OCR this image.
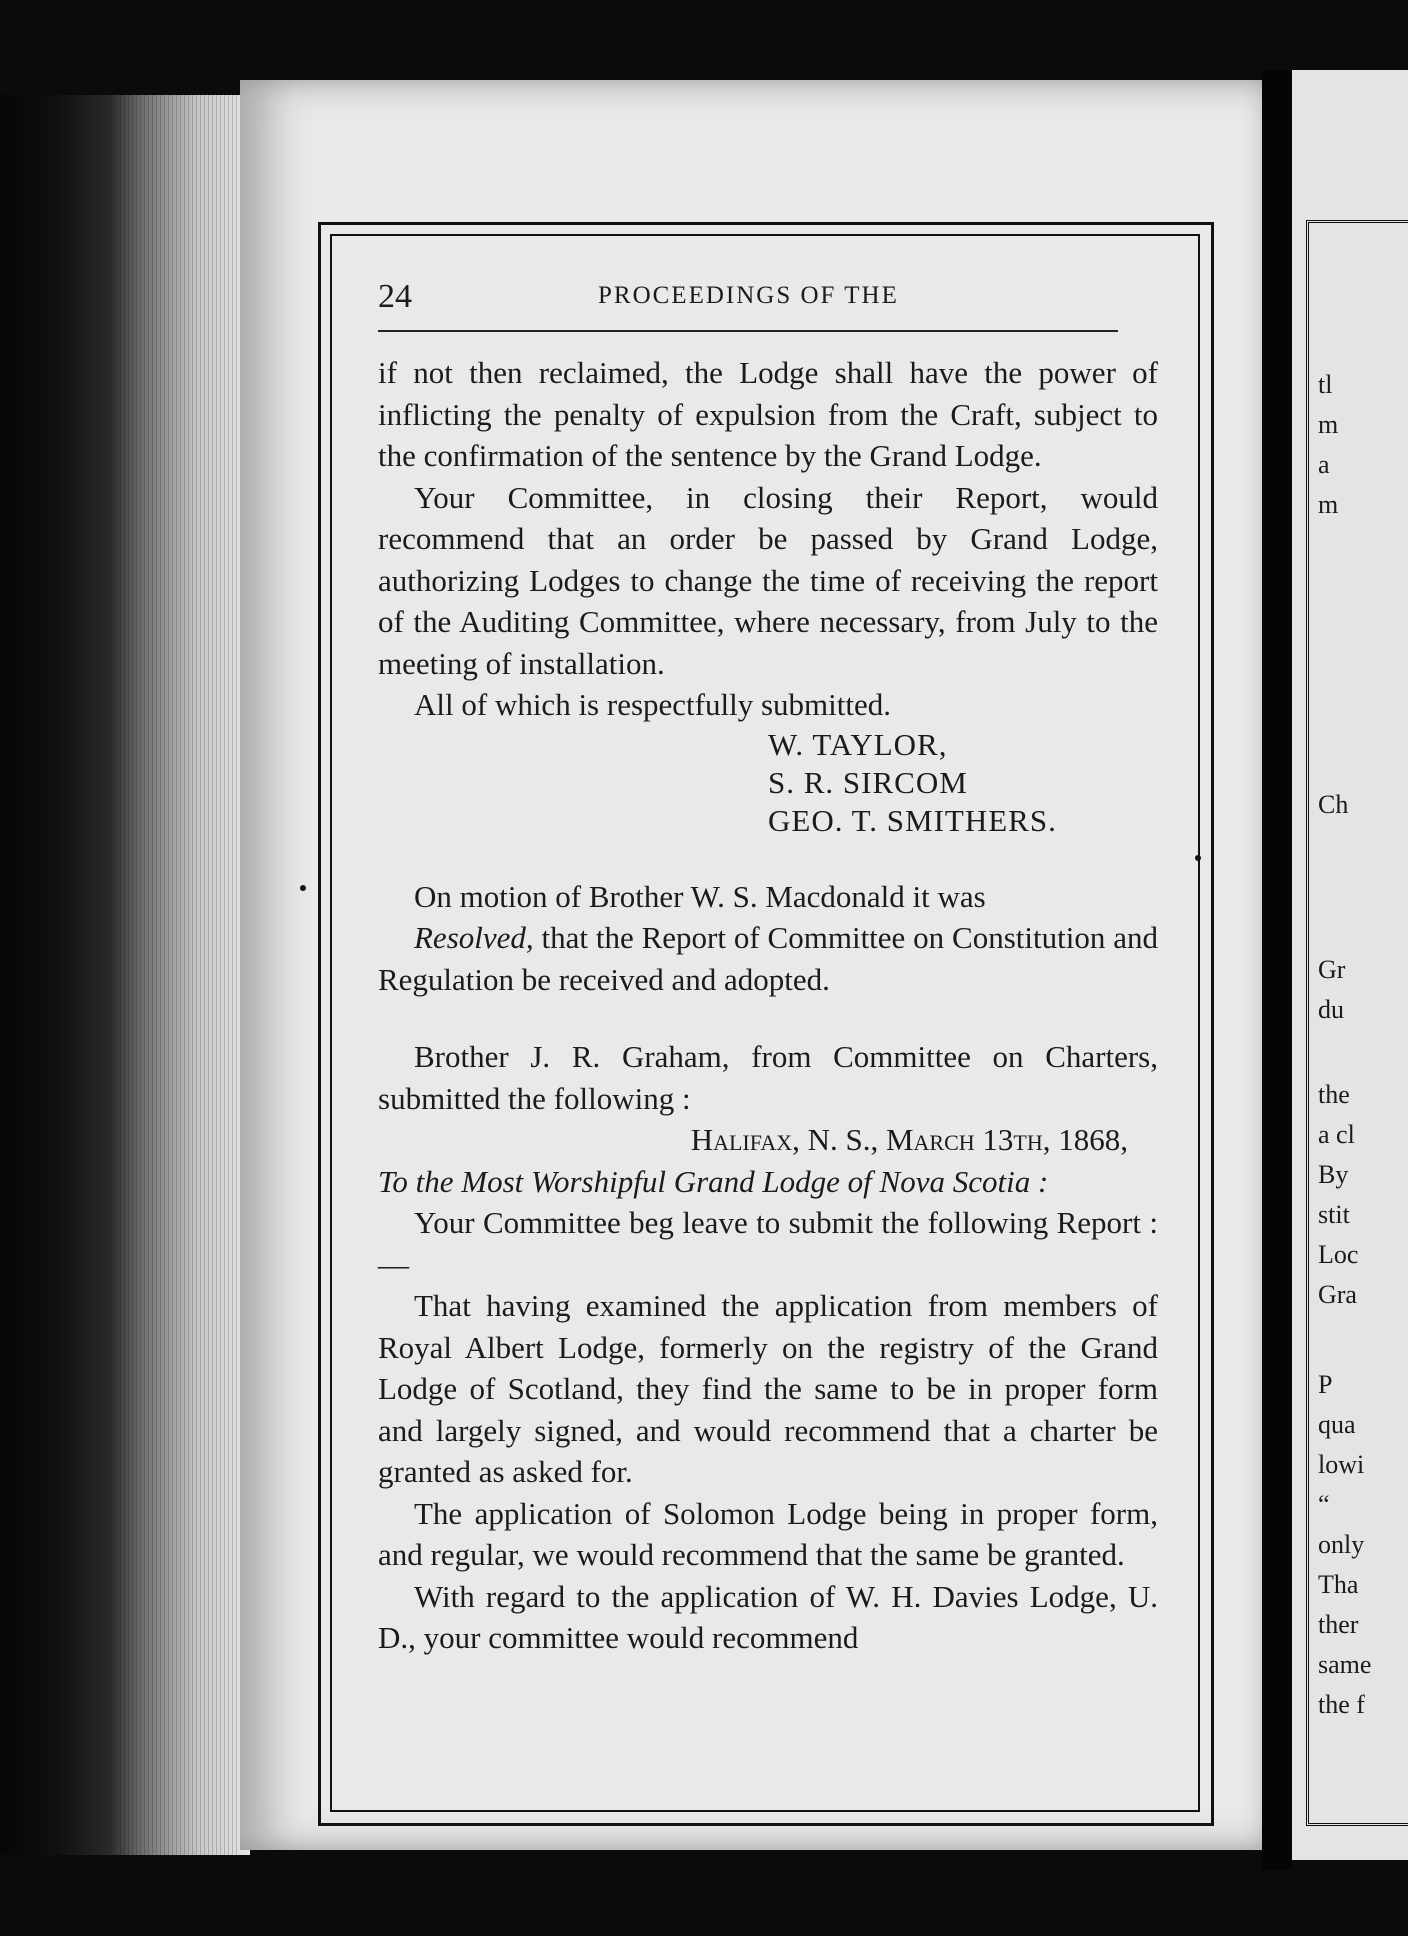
tl
m
a
m
Ch
Gr
du
the
a cl
By
stit
Loc
Gra
P
qua
lowi
“
only
Tha
ther
same
the f
24	PROCEEDINGS OF THE

if not then reclaimed, the Lodge shall have the power of inflicting the penalty of expulsion from the Craft, subject to the confirmation of the sentence by the Grand Lodge.

Your Committee, in closing their Report, would recommend that an order be passed by Grand Lodge, authorizing Lodges to change the time of receiving the report of the Auditing Committee, where necessary, from July to the meeting of installation.

All of which is respectfully submitted.

W. TAYLOR,
S. R. SIRCOM
GEO. T. SMITHERS.

On motion of Brother W. S. Macdonald it was

Resolved, that the Report of Committee on Constitution and Regulation be received and adopted.

Brother J. R. Graham, from Committee on Charters, submitted the following :

Halifax, N. S., March 13th, 1868,

To the Most Worshipful Grand Lodge of Nova Scotia :

Your Committee beg leave to submit the following Report :—

That having examined the application from members of Royal Albert Lodge, formerly on the registry of the Grand Lodge of Scotland, they find the same to be in proper form and largely signed, and would recommend that a charter be granted as asked for.

The application of Solomon Lodge being in proper form, and regular, we would recommend that the same be granted.

With regard to the application of W. H. Davies Lodge, U. D., your committee would recommend
